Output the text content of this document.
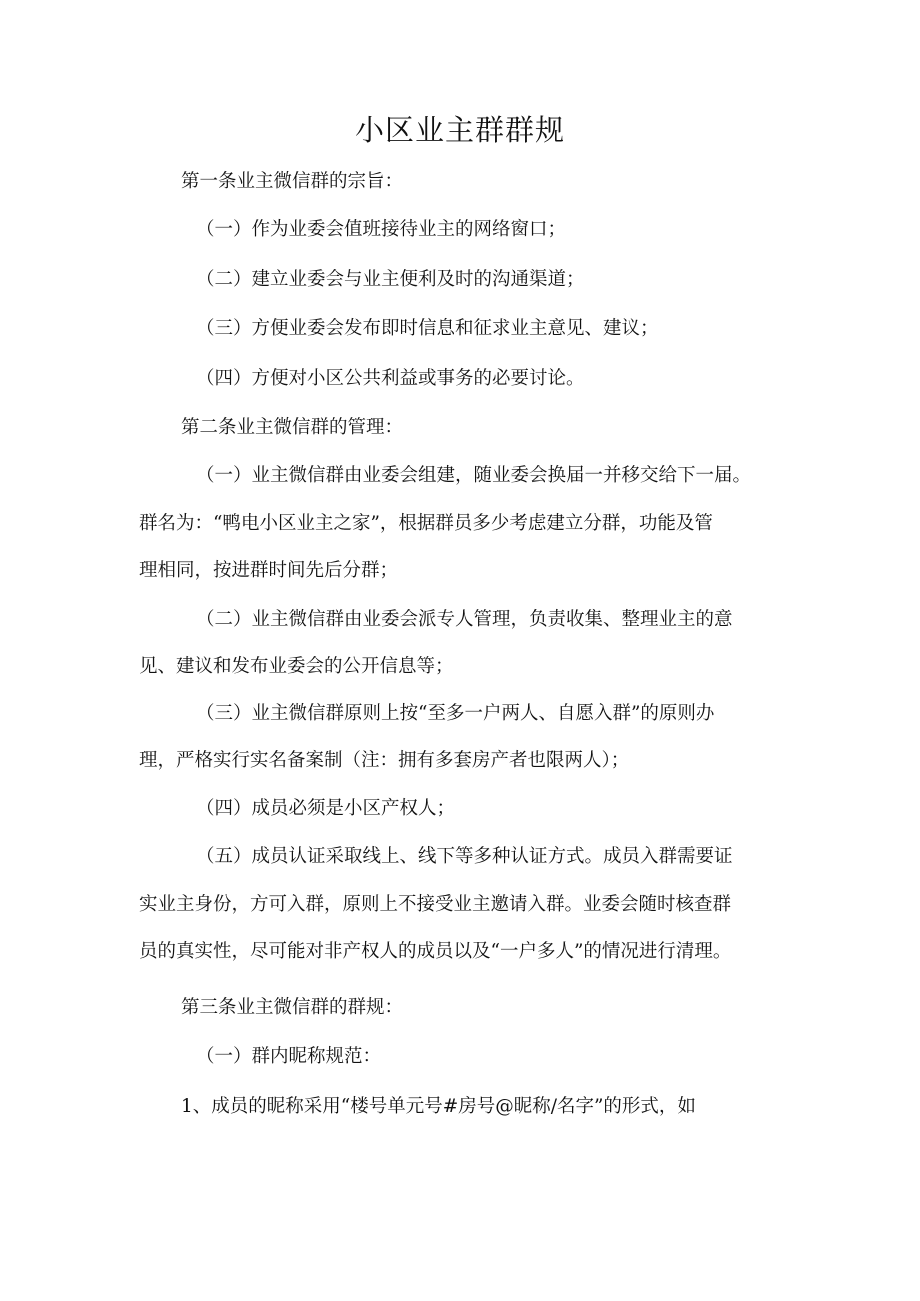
小区业主群群规
第一条业主微信群的宗旨：
（一）作为业委会值班接待业主的网络窗口；
（二）建立业委会与业主便利及时的沟通渠道；
（三）方便业委会发布即时信息和征求业主意见、建议；
（四）方便对小区公共利益或事务的必要讨论。
第二条业主微信群的管理：
（一）业主微信群由业委会组建，随业委会换届一并移交给下一届。
群名为：“鸭电小区业主之家”，根据群员多少考虑建立分群，功能及管
理相同，按进群时间先后分群；
（二）业主微信群由业委会派专人管理，负责收集、整理业主的意
见、建议和发布业委会的公开信息等；
（三）业主微信群原则上按“至多一户两人、自愿入群”的原则办
理，严格实行实名备案制（注：拥有多套房产者也限两人）；
（四）成员必须是小区产权人；
（五）成员认证采取线上、线下等多种认证方式。成员入群需要证
实业主身份，方可入群，原则上不接受业主邀请入群。业委会随时核查群
员的真实性，尽可能对非产权人的成员以及“一户多人”的情况进行清理。
第三条业主微信群的群规：
（一）群内昵称规范：
1、成员的昵称采用“楼号单元号#房号@昵称/名字”的形式，如
